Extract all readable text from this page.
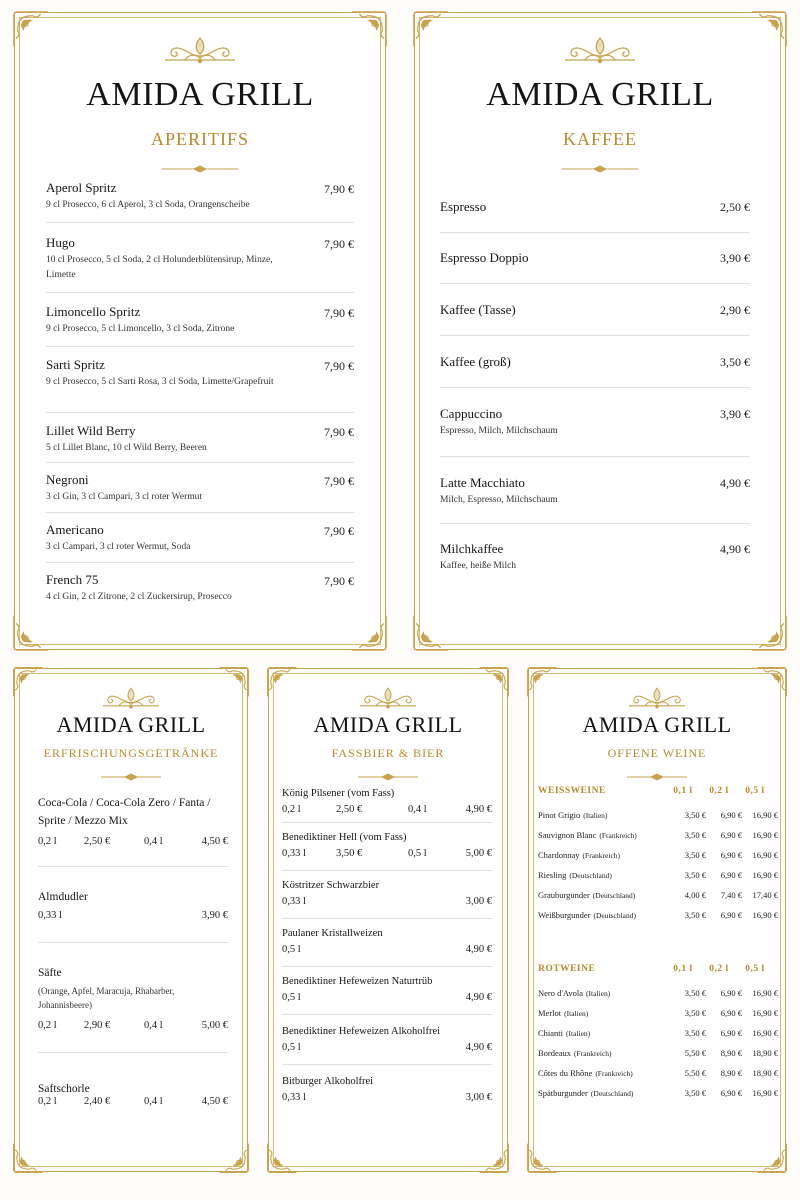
AMIDA GRILL
APERITIFS
Aperol Spritz
9 cl Prosecco, 6 cl Aperol, 3 cl Soda, Orangenscheibe
7,90 €
Hugo
10 cl Prosecco, 5 cl Soda, 2 cl Holunderblütensirup, Minze, Limette
7,90 €
Limoncello Spritz
9 cl Prosecco, 5 cl Limoncello, 3 cl Soda, Zitrone
7,90 €
Sarti Spritz
9 cl Prosecco, 5 cl Sarti Rosa, 3 cl Soda, Limette/Grapefruit
7,90 €
Lillet Wild Berry
5 cl Lillet Blanc, 10 cl Wild Berry, Beeren
7,90 €
Negroni
3 cl Gin, 3 cl Campari, 3 cl roter Wermut
7,90 €
Americano
3 cl Campari, 3 cl roter Wermut, Soda
7,90 €
French 75
4 cl Gin, 2 cl Zitrone, 2 cl Zuckersirup, Prosecco
7,90 €
AMIDA GRILL
KAFFEE
Espresso	2,50 €
Espresso Doppio	3,90 €
Kaffee (Tasse)	2,90 €
Kaffee (groß)	3,50 €
Cappuccino
Espresso, Milch, Milchschaum
3,90 €
Latte Macchiato
Milch, Espresso, Milchschaum
4,90 €
Milchkaffee
Kaffee, heiße Milch
4,90 €
AMIDA GRILL
ERFRISCHUNGSGETRÄNKE
Coca-Cola / Coca-Cola Zero / Fanta / Sprite / Mezzo Mix
0,2 l	2,50 €	0,4 l	4,50 €
Almdudler
0,33 l	3,90 €
Säfte
(Orange, Apfel, Maracuja, Rhabarber, Johannisbeere)
0,2 l	2,90 €	0,4 l	5,00 €
Saftschorle
0,2 l	2,40 €	0,4 l	4,50 €
AMIDA GRILL
FASSBIER & BIER
König Pilsener (vom Fass)
0,2 l	2,50 €	0,4 l	4,90 €
Benediktiner Hell (vom Fass)
0,33 l	3,50 €	0,5 l	5,00 €
Köstritzer Schwarzbier
0,33 l	3,00 €
Paulaner Kristallweizen
0,5 l	4,90 €
Benediktiner Hefeweizen Naturtrüb
0,5 l	4,90 €
Benediktiner Hefeweizen Alkoholfrei
0,5 l	4,90 €
Bitburger Alkoholfrei
0,33 l	3,00 €
AMIDA GRILL
OFFENE WEINE
WEISSWEINE	0,1 l	0,2 l	0,5 l
Pinot Grigio (Italien)	3,50 €	6,90 €	16,90 €
Sauvignon Blanc (Frankreich)	3,50 €	6,90 €	16,90 €
Chardonnay (Frankreich)	3,50 €	6,90 €	16,90 €
Riesling (Deutschland)	3,50 €	6,90 €	16,90 €
Grauburgunder (Deutschland)	4,00 €	7,40 €	17,40 €
Weißburgunder (Deutschland)	3,50 €	6,90 €	16,90 €
ROTWEINE	0,1 l	0,2 l	0,5 l
Nero d'Avola (Italien)	3,50 €	6,90 €	16,90 €
Merlot (Italien)	3,50 €	6,90 €	16,90 €
Chianti (Italien)	3,50 €	6,90 €	16,90 €
Bordeaux (Frankreich)	5,50 €	8,90 €	18,90 €
Côtes du Rhône (Frankreich)	5,50 €	8,90 €	18,90 €
Spätburgunder (Deutschland)	3,50 €	6,90 €	16,90 €
